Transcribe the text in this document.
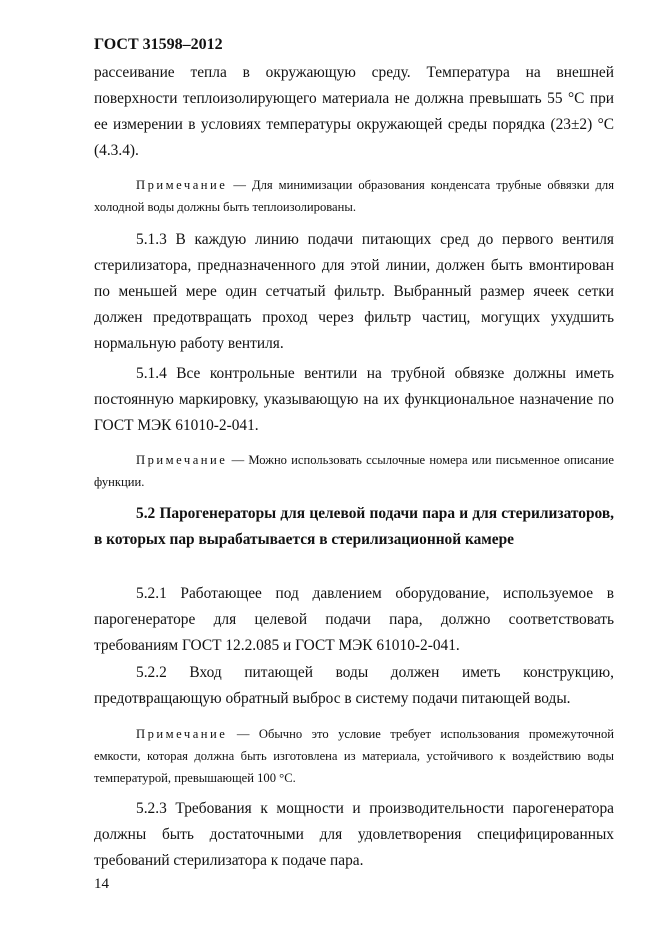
ГОСТ 31598–2012
рассеивание тепла в окружающую среду. Температура на внешней поверхности теплоизолирующего материала не должна превышать 55 °С при ее измерении в условиях температуры окружающей среды порядка (23±2) °С (4.3.4).
Примечание — Для минимизации образования конденсата трубные обвязки для холодной воды должны быть теплоизолированы.
5.1.3 В каждую линию подачи питающих сред до первого вентиля стерилизатора, предназначенного для этой линии, должен быть вмонтирован по меньшей мере один сетчатый фильтр. Выбранный размер ячеек сетки должен предотвращать проход через фильтр частиц, могущих ухудшить нормальную работу вентиля.
5.1.4 Все контрольные вентили на трубной обвязке должны иметь постоянную маркировку, указывающую на их функциональное назначение по ГОСТ МЭК 61010-2-041.
Примечание — Можно использовать ссылочные номера или письменное описание функции.
5.2 Парогенераторы для целевой подачи пара и для стерилизаторов, в которых пар вырабатывается в стерилизационной камере
5.2.1 Работающее под давлением оборудование, используемое в парогенераторе для целевой подачи пара, должно соответствовать требованиям ГОСТ 12.2.085 и ГОСТ МЭК 61010-2-041.
5.2.2 Вход питающей воды должен иметь конструкцию, предотвращающую обратный выброс в систему подачи питающей воды.
Примечание — Обычно это условие требует использования промежуточной емкости, которая должна быть изготовлена из материала, устойчивого к воздействию воды температурой, превышающей 100 °С.
5.2.3 Требования к мощности и производительности парогенератора должны быть достаточными для удовлетворения специфицированных требований стерилизатора к подаче пара.
14
